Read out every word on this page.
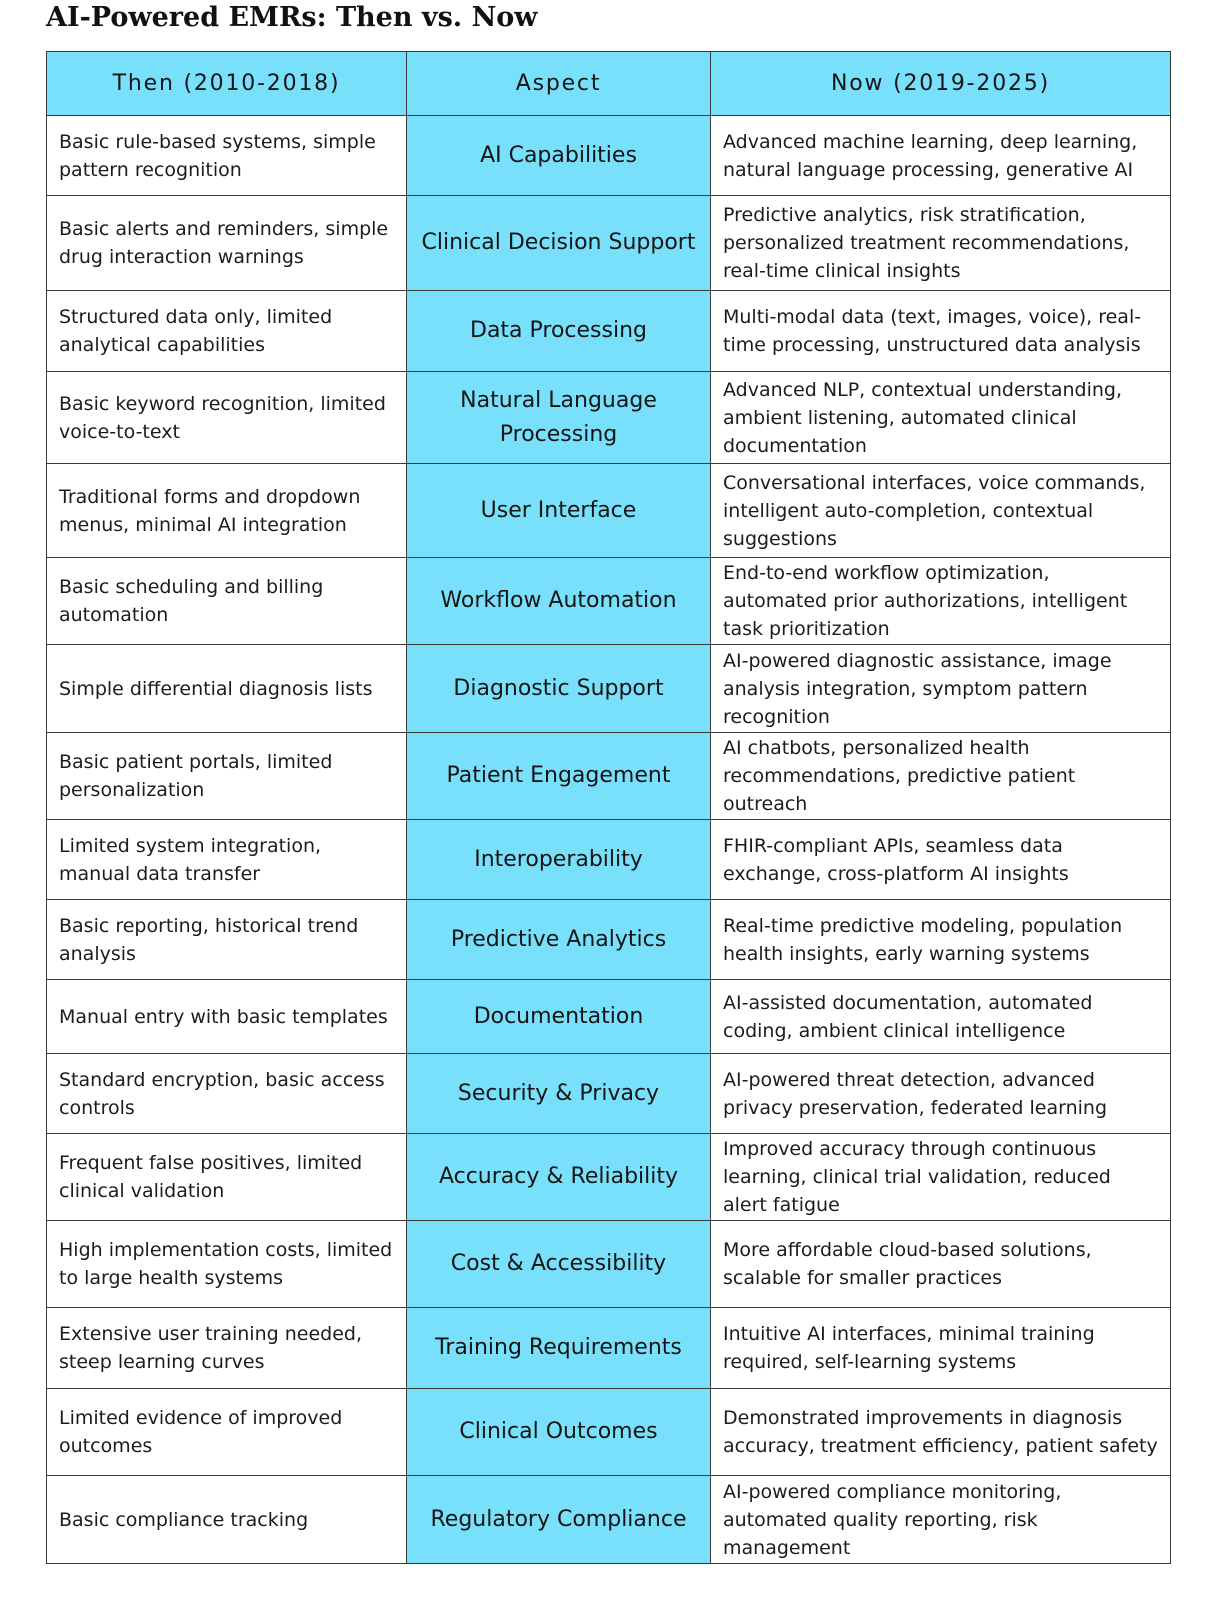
AI-Powered EMRs: Then vs. Now
Then (2010-2018)	Aspect	Now (2019-2025)
Basic rule-based systems, simple pattern recognition	AI Capabilities	Advanced machine learning, deep learning, natural language processing, generative AI

Basic alerts and reminders, simple drug interaction warnings	Clinical Decision Support	Predictive analytics, risk stratification, personalized treatment recommendations, real-time clinical insights

Structured data only, limited analytical capabilities	Data Processing	Multi-modal data (text, images, voice), real-time processing, unstructured data analysis

Basic keyword recognition, limited voice-to-text	Natural Language Processing	Advanced NLP, contextual understanding, ambient listening, automated clinical documentation

Traditional forms and dropdown menus, minimal AI integration	User Interface	Conversational interfaces, voice commands, intelligent auto-completion, contextual suggestions

Basic scheduling and billing automation	Workflow Automation	End-to-end workflow optimization, automated prior authorizations, intelligent task prioritization

Simple differential diagnosis lists	Diagnostic Support	AI-powered diagnostic assistance, image analysis integration, symptom pattern recognition

Basic patient portals, limited personalization	Patient Engagement	AI chatbots, personalized health recommendations, predictive patient outreach

Limited system integration, manual data transfer	Interoperability	FHIR-compliant APIs, seamless data exchange, cross-platform AI insights

Basic reporting, historical trend analysis	Predictive Analytics	Real-time predictive modeling, population health insights, early warning systems

Manual entry with basic templates	Documentation	AI-assisted documentation, automated coding, ambient clinical intelligence

Standard encryption, basic access controls	Security & Privacy	AI-powered threat detection, advanced privacy preservation, federated learning

Frequent false positives, limited clinical validation	Accuracy & Reliability	Improved accuracy through continuous learning, clinical trial validation, reduced alert fatigue

High implementation costs, limited to large health systems	Cost & Accessibility	More affordable cloud-based solutions, scalable for smaller practices

Extensive user training needed, steep learning curves	Training Requirements	Intuitive AI interfaces, minimal training required, self-learning systems

Limited evidence of improved outcomes	Clinical Outcomes	Demonstrated improvements in diagnosis accuracy, treatment efficiency, patient safety

Basic compliance tracking	Regulatory Compliance	AI-powered compliance monitoring, automated quality reporting, risk management
